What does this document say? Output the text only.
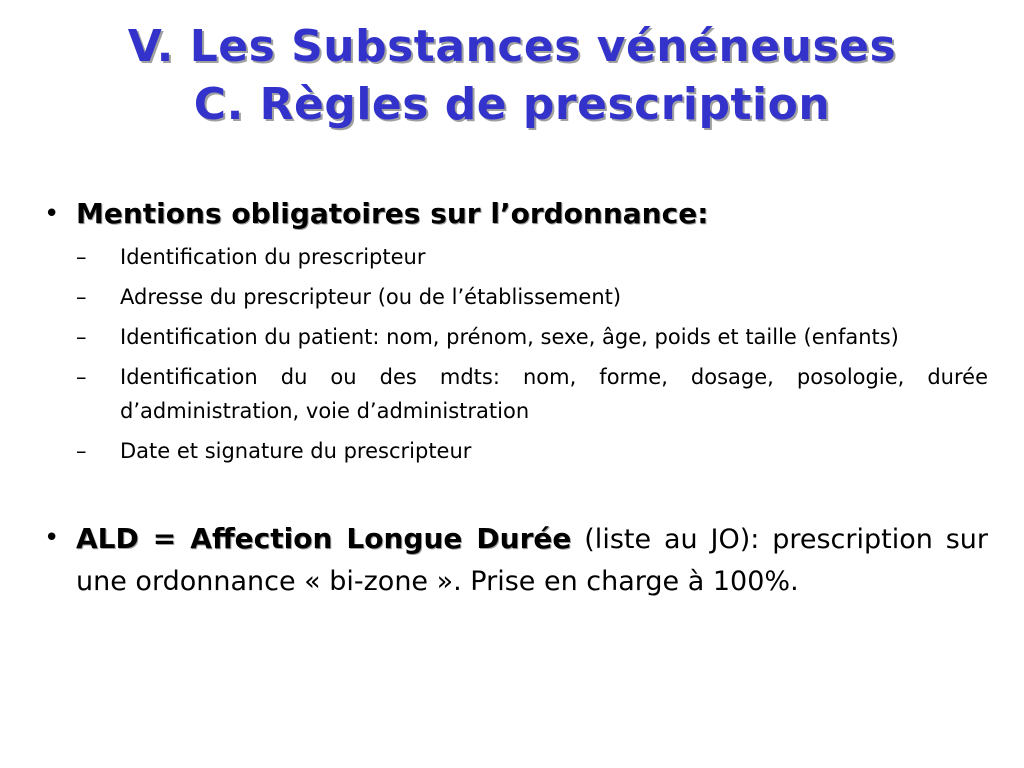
V. Les Substances vénéneuses
C. Règles de prescription
• Mentions obligatoires sur l’ordonnance:
–	Identification du prescripteur
–	Adresse du prescripteur (ou de l’établissement)
–	Identification du patient: nom, prénom, sexe, âge, poids et taille (enfants)
–	Identification du ou des mdts: nom, forme, dosage, posologie, durée d’administration, voie d’administration
–	Date et signature du prescripteur
• ALD = Affection Longue Durée (liste au JO): prescription sur une ordonnance « bi-zone ». Prise en charge à 100%.
